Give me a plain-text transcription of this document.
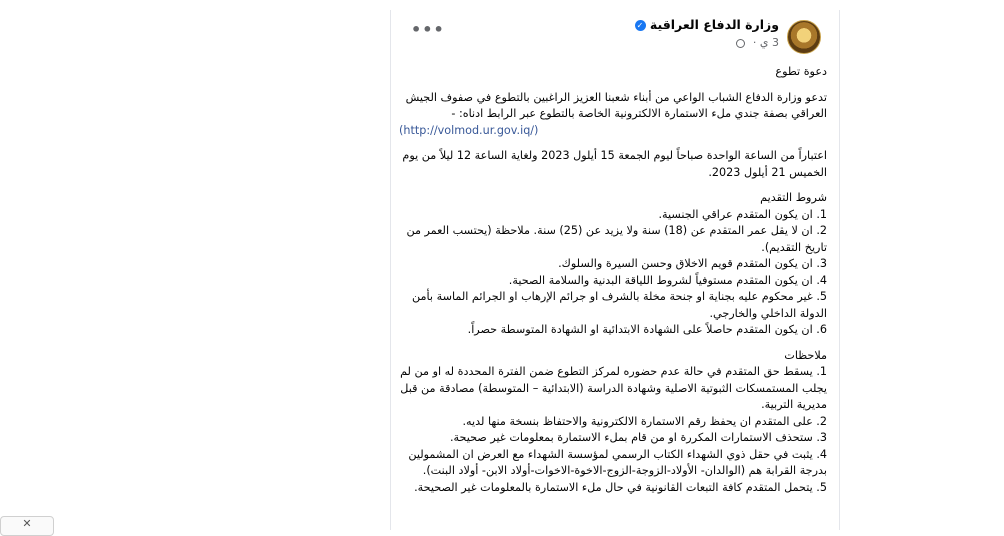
وزارة الدفاع العراقية ✓
3 ي ·
•••

دعوة تطوع

تدعو وزارة الدفاع الشباب الواعي من أبناء شعبنا العزيز الراغبين بالتطوع في صفوف الجيش العراقي بصفة جندي ملء الاستمارة الالكترونية الخاصة بالتطوع عبر الرابط ادناه: -

(http://volmod.ur.gov.iq/)

اعتباراً من الساعة الواحدة صباحاً ليوم الجمعة 15 أيلول 2023 ولغاية الساعة 12 ليلاً من يوم الخميس 21 أيلول 2023.

شروط التقديم

1. ان يكون المتقدم عراقي الجنسية.

2. ان لا يقل عمر المتقدم عن (18) سنة ولا يزيد عن (25) سنة. ملاحظة (يحتسب العمر من تاريخ التقديم).

3. ان يكون المتقدم قويم الاخلاق وحسن السيرة والسلوك.

4. ان يكون المتقدم مستوفياً لشروط اللياقة البدنية والسلامة الصحية.

5. غير محكوم عليه بجناية او جنحة مخلة بالشرف او جرائم الإرهاب او الجرائم الماسة بأمن الدولة الداخلي والخارجي.

6. ان يكون المتقدم حاصلاً على الشهادة الابتدائية او الشهادة المتوسطة حصراً.

ملاحظات

1. يسقط حق المتقدم في حالة عدم حضوره لمركز التطوع ضمن الفترة المحددة له او من لم يجلب المستمسكات الثبوتية الاصلية وشهادة الدراسة (الابتدائية – المتوسطة) مصادقة من قبل مديرية التربية.

2. على المتقدم ان يحفظ رقم الاستمارة الالكترونية والاحتفاظ بنسخة منها لديه.

3. ستحذف الاستمارات المكررة او من قام بملء الاستمارة بمعلومات غير صحيحة.

4. يثبت في حقل ذوي الشهداء الكتاب الرسمي لمؤسسة الشهداء مع العرض ان المشمولين بدرجة القرابة هم (الوالدان- الأولاد-الزوجة-الزوج-الاخوة-الاخوات-أولاد الابن- أولاد البنت).

5. يتحمل المتقدم كافة التبعات القانونية في حال ملء الاستمارة بالمعلومات غير الصحيحة.

✕
